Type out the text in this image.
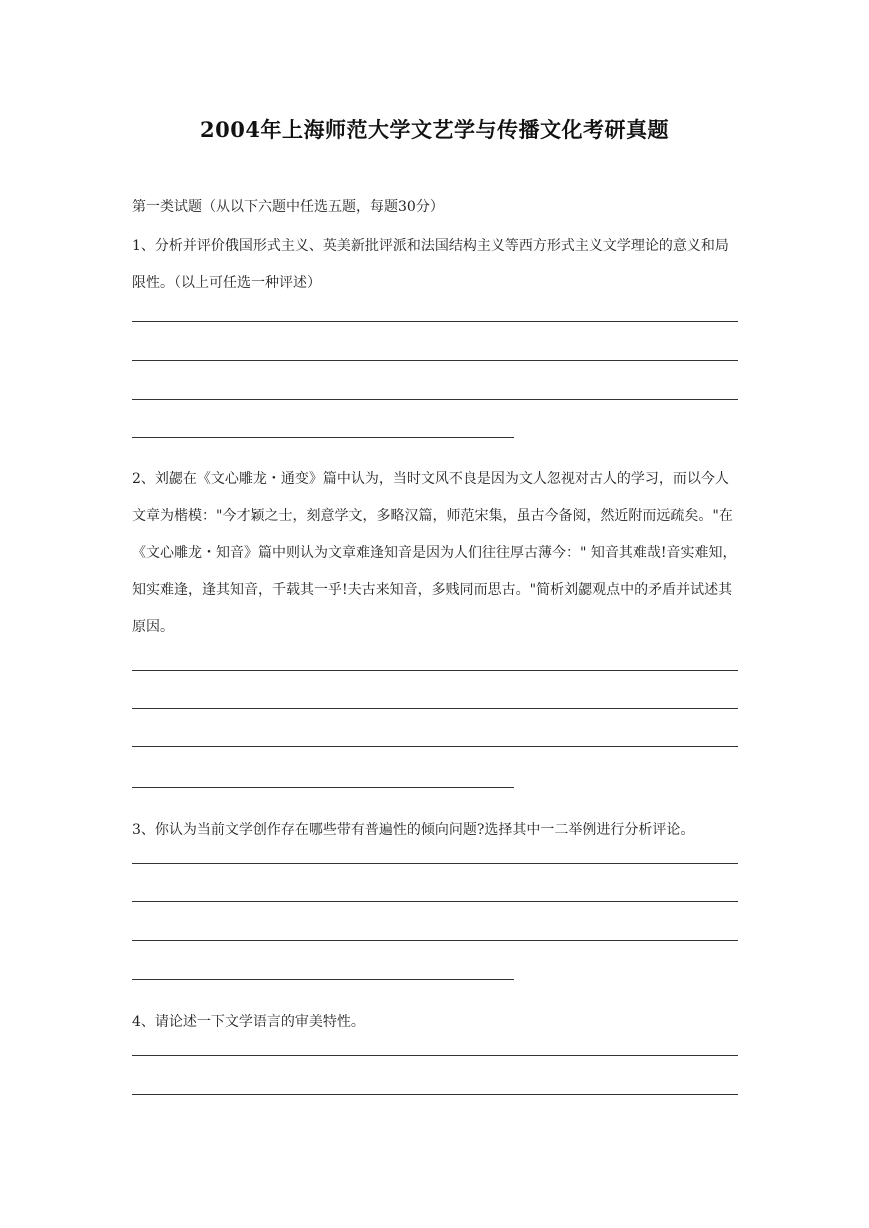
2004年上海师范大学文艺学与传播文化考研真题
第一类试题（从以下六题中任选五题，每题30分）
1、分析并评价俄国形式主义、英美新批评派和法国结构主义等西方形式主义文学理论的意义和局限性。（以上可任选一种评述）
2、刘勰在《文心雕龙・通变》篇中认为，当时文风不良是因为文人忽视对古人的学习，而以今人文章为楷模："今才颖之士，刻意学文，多略汉篇，师范宋集，虽古今备阅，然近附而远疏矣。"在《文心雕龙・知音》篇中则认为文章难逢知音是因为人们往往厚古薄今：" 知音其难哉!音实难知，知实难逢，逢其知音，千载其一乎!夫古来知音，多贱同而思古。"简析刘勰观点中的矛盾并试述其原因。
3、你认为当前文学创作存在哪些带有普遍性的倾向问题?选择其中一二举例进行分析评论。
4、请论述一下文学语言的审美特性。
